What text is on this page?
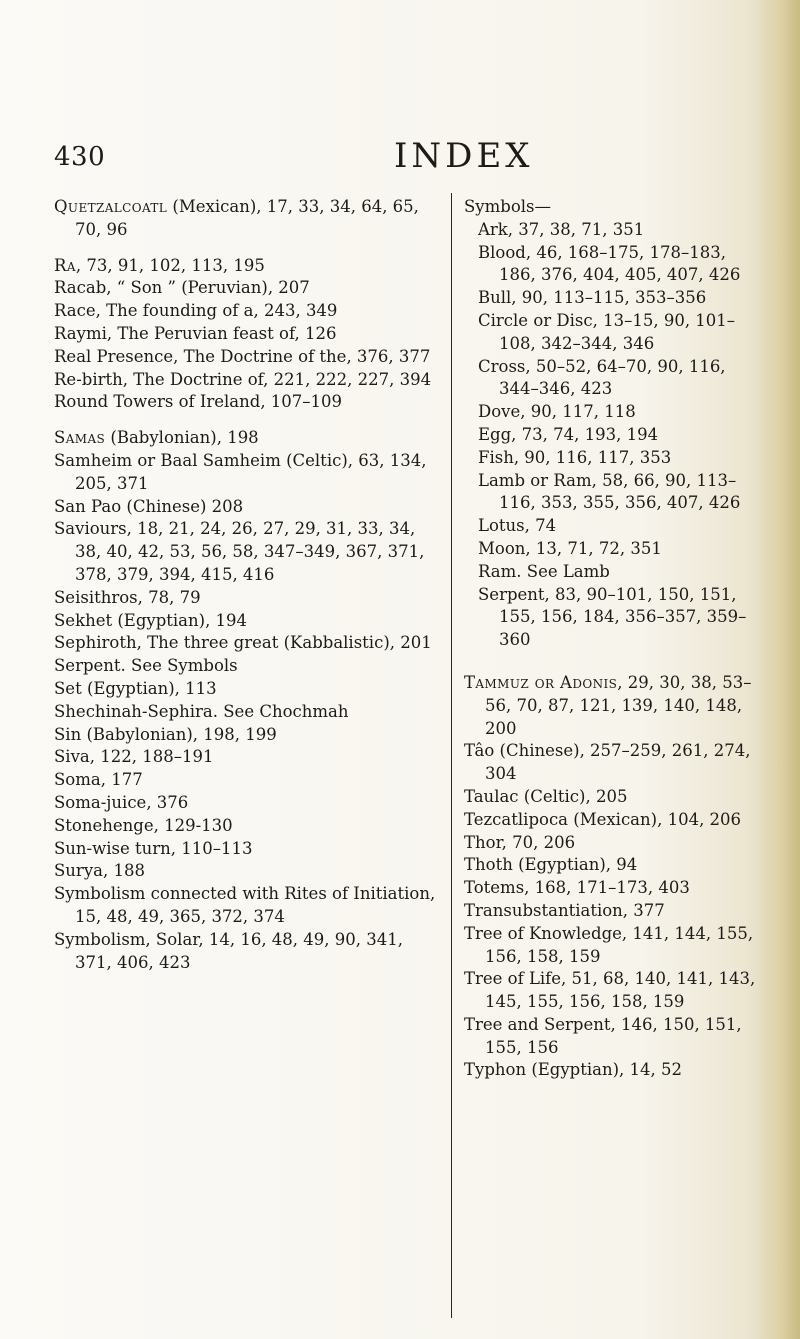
430	INDEX

Quetzalcoatl (Mexican), 17, 33, 34, 64, 65, 70, 96

Ra, 73, 91, 102, 113, 195

Racab, “ Son ” (Peruvian), 207

Race, The founding of a, 243, 349

Raymi, The Peruvian feast of, 126

Real Presence, The Doctrine of the, 376, 377

Re-birth, The Doctrine of, 221, 222, 227, 394

Round Towers of Ireland, 107–109

Samas (Babylonian), 198

Samheim or Baal Samheim (Celtic), 63, 134, 205, 371

San Pao (Chinese) 208

Saviours, 18, 21, 24, 26, 27, 29, 31, 33, 34, 38, 40, 42, 53, 56, 58, 347–349, 367, 371, 378, 379, 394, 415, 416

Seisithros, 78, 79

Sekhet (Egyptian), 194

Sephiroth, The three great (Kabbalistic), 201

Serpent. See Symbols

Set (Egyptian), 113

Shechinah-Sephira. See Chochmah

Sin (Babylonian), 198, 199

Siva, 122, 188–191

Soma, 177

Soma-juice, 376

Stonehenge, 129-130

Sun-wise turn, 110–113

Surya, 188

Symbolism connected with Rites of Initiation, 15, 48, 49, 365, 372, 374

Symbolism, Solar, 14, 16, 48, 49, 90, 341, 371, 406, 423

Symbols—

Ark, 37, 38, 71, 351

Blood, 46, 168–175, 178–183, 186, 376, 404, 405, 407, 426

Bull, 90, 113–115, 353–356

Circle or Disc, 13–15, 90, 101–108, 342–344, 346

Cross, 50–52, 64–70, 90, 116, 344–346, 423

Dove, 90, 117, 118

Egg, 73, 74, 193, 194

Fish, 90, 116, 117, 353

Lamb or Ram, 58, 66, 90, 113–116, 353, 355, 356, 407, 426

Lotus, 74

Moon, 13, 71, 72, 351

Ram. See Lamb

Serpent, 83, 90–101, 150, 151, 155, 156, 184, 356–357, 359–360

Tammuz or Adonis, 29, 30, 38, 53–56, 70, 87, 121, 139, 140, 148, 200

Tâo (Chinese), 257–259, 261, 274, 304

Taulac (Celtic), 205

Tezcatlipoca (Mexican), 104, 206

Thor, 70, 206

Thoth (Egyptian), 94

Totems, 168, 171–173, 403

Transubstantiation, 377

Tree of Knowledge, 141, 144, 155, 156, 158, 159

Tree of Life, 51, 68, 140, 141, 143, 145, 155, 156, 158, 159

Tree and Serpent, 146, 150, 151, 155, 156

Typhon (Egyptian), 14, 52
